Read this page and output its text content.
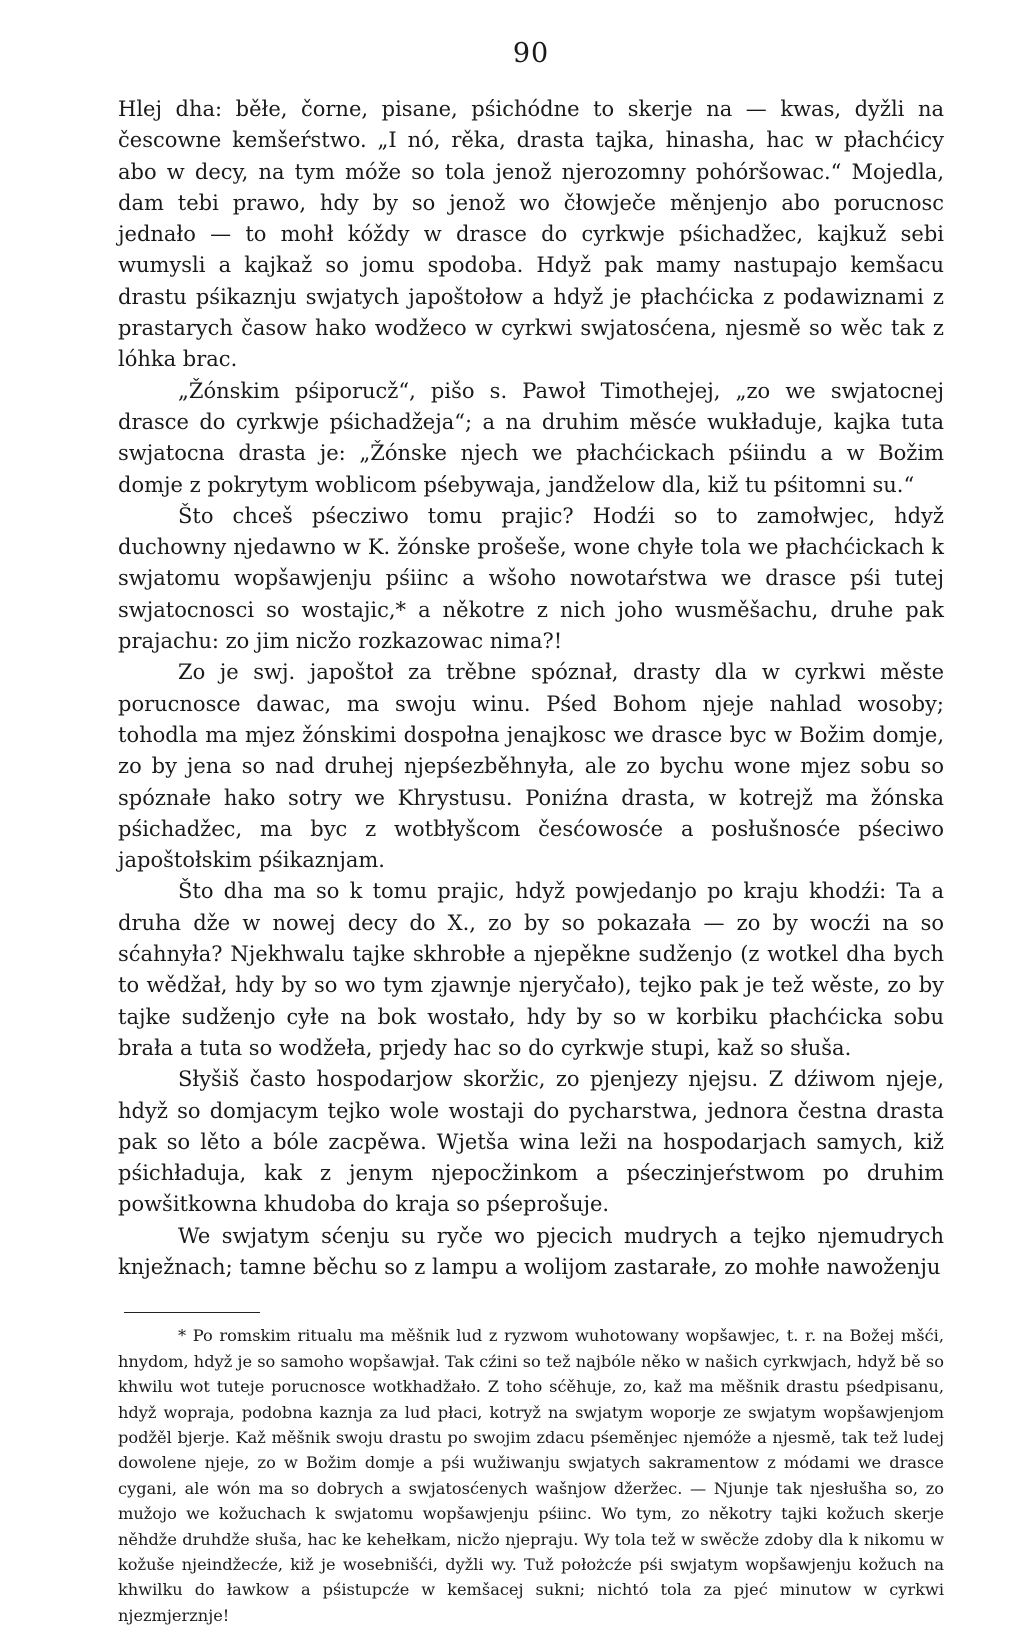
90

Hlej dha: běłe, čorne, pisane, pśichódne to skerje na — kwas, dyžli na čescowne kemšeŕstwo. „I nó, rěka, drasta tajka, hinasha, hac w płachćicy abo w decy, na tym móže so tola jenož njerozomny pohóršowac.“ Mojedla, dam tebi prawo, hdy by so jenož wo čłowječe měnjenjo abo porucnosc jednało — to mohł kóždy w drasce do cyrkwje pśichadžec, kajkuž sebi wumysli a kajkaž so jomu spodoba. Hdyž pak mamy nastupajo kemšacu drastu pśikaznju swjatych japoštołow a hdyž je płachćicka z podawiznami z prastarych časow hako wodžeco w cyrkwi swjatosćena, njesmě so wěc tak z lóhka brac.

„Žónskim pśiporucž“, pišo s. Pawoł Timothejej, „zo we swjatocnej drasce do cyrkwje pśichadžeja“; a na druhim měsće wukładuje, kajka tuta swjatocna drasta je: „Žónske njech we płachćickach pśiindu a w Božim domje z pokrytym woblicom pśebywaja, jandželow dla, kiž tu pśitomni su.“

Što chceš pśecziwo tomu prajic? Hodźi so to zamołwjec, hdyž duchowny njedawno w K. žónske prošeše, wone chyłe tola we płachćickach k swjatomu wopšawjenju pśiinc a wšoho nowotaŕstwa we drasce pśi tutej swjatocnosci so wostajic,* a někotre z nich joho wusměšachu, druhe pak prajachu: zo jim nicžo rozkazowac nima?!

Zo je swj. japoštoł za trěbne spóznał, drasty dla w cyrkwi měste porucnosce dawac, ma swoju winu. Pśed Bohom njeje nahlad wosoby; tohodla ma mjez žónskimi dospołna jenajkosc we drasce byc w Božim domje, zo by jena so nad druhej njepśezběhnyła, ale zo bychu wone mjez sobu so spóznałe hako sotry we Khrystusu. Poniźna drasta, w kotrejž ma žónska pśichadžec, ma byc z wotbłyšcom česćowosće a posłušnosće pśeciwo japoštołskim pśikaznjam.

Što dha ma so k tomu prajic, hdyž powjedanjo po kraju khodźi: Ta a druha dže w nowej decy do X., zo by so pokazała — zo by wocźi na so sćahnyła? Njekhwalu tajke skhrobłe a njepěkne sudženjo (z wotkel dha bych to wědžał, hdy by so wo tym zjawnje njeryčało), tejko pak je tež wěste, zo by tajke sudženjo cyłe na bok wostało, hdy by so w korbiku płachćicka sobu brała a tuta so wodžeła, prjedy hac so do cyrkwje stupi, kaž so słuša.

Słyšiš často hospodarjow skoržic, zo pjenjezy njejsu. Z dźiwom njeje, hdyž so domjacym tejko wole wostaji do pycharstwa, jednora čestna drasta pak so lěto a bóle zacpěwa. Wjetša wina leži na hospodarjach samych, kiž pśichładuja, kak z jenym njepocžinkom a pśeczinjeŕstwom po druhim powšitkowna khudoba do kraja so pśeprošuje.

We swjatym sćenju su ryče wo pjecich mudrych a tejko njemudrych knježnach; tamne běchu so z lampu a wolijom zastarałe, zo mohłe nawoženju

* Po romskim ritualu ma měšnik lud z ryzwom wuhotowany wopšawjec, t. r. na Božej mšći, hnydom, hdyž je so samoho wopšawjał. Tak cźini so tež najbóle něko w našich cyrkwjach, hdyž bě so khwilu wot tuteje porucnosce wotkhadžało. Z toho sćěhuje, zo, kaž ma měšnik drastu pśedpisanu, hdyž wopraja, podobna kaznja za lud płaci, kotryž na swjatym woporje ze swjatym wopšawjenjom podžěl bjerje. Kaž měšnik swoju drastu po swojim zdacu pśeměnjec njemóže a njesmě, tak tež ludej dowolene njeje, zo w Božim domje a pśi wužiwanju swjatych sakramentow z módami we drasce cygani, ale wón ma so dobrych a swjatosćenych wašnjow džeržec. — Njunje tak njesłušha so, zo mužojo we kožuchach k swjatomu wopšawjenju pśiinc. Wo tym, zo někotry tajki kožuch skerje něhdže druhdže słuša, hac ke kehełkam, nicžo njepraju. Wy tola tež w swěcže zdoby dla k nikomu w kožuše njeindžecźe, kiž je wosebnišći, dyžli wy. Tuž położcźe pśi swjatym wopšawjenju kožuch na khwilku do ławkow a pśistupcźe w kemšacej sukni; nichtó tola za pjeć minutow w cyrkwi njezmjerznje!
